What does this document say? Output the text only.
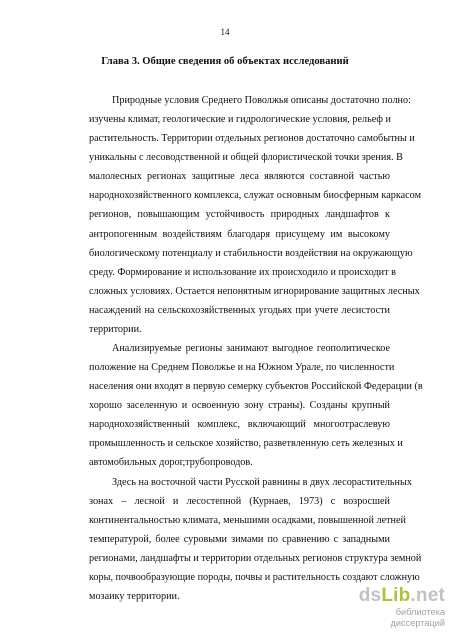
14
Глава 3. Общие сведения об объектах исследований

Природные условия Среднего Поволжья описаны достаточно полно:
изучены климат, геологические и гидрологические условия, рельеф и
растительность. Территории отдельных регионов достаточно самобытны и
уникальны с лесоводственной и общей флористической точки зрения. В
малолесных регионах защитные леса являются составной частью
народнохозяйственного комплекса, служат основным биосферным каркасом
регионов, повышающим устойчивость природных ландшафтов к
антропогенным воздействиям благодаря присущему им высокому
биологическому потенциалу и стабильности воздействия на окружающую
среду. Формирование и использование их происходило и происходит в
сложных условиях. Остается непонятным игнорирование защитных лесных
насаждений на сельскохозяйственных угодьях при учете лесистости
территории.

Анализируемые регионы занимают выгодное геополитическое
положение на Среднем Поволжье и на Южном Урале, по численности
населения они входят в первую семерку субъектов Российской Федерации (в
хорошо заселенную и освоенную зону страны). Созданы крупный
народнохозяйственный комплекс, включающий многоотраслевую
промышленность и сельское хозяйство, разветвленную сеть железных и
автомобильных дорог,трубопроводов.

Здесь на восточной части Русской равнины в двух лесорастительных
зонах – лесной и лесостепной (Курнаев, 1973) с возросшей
континентальностью климата, меньшими осадками, повышенной летней
температурой, более суровыми зимами по сравнению с западными
регионами, ландшафты и территории отдельных регионов структура земной
коры, почвообразующие породы, почвы и растительность создают сложную
мозаику территории.	dsLib.net
библиотека диссертаций
